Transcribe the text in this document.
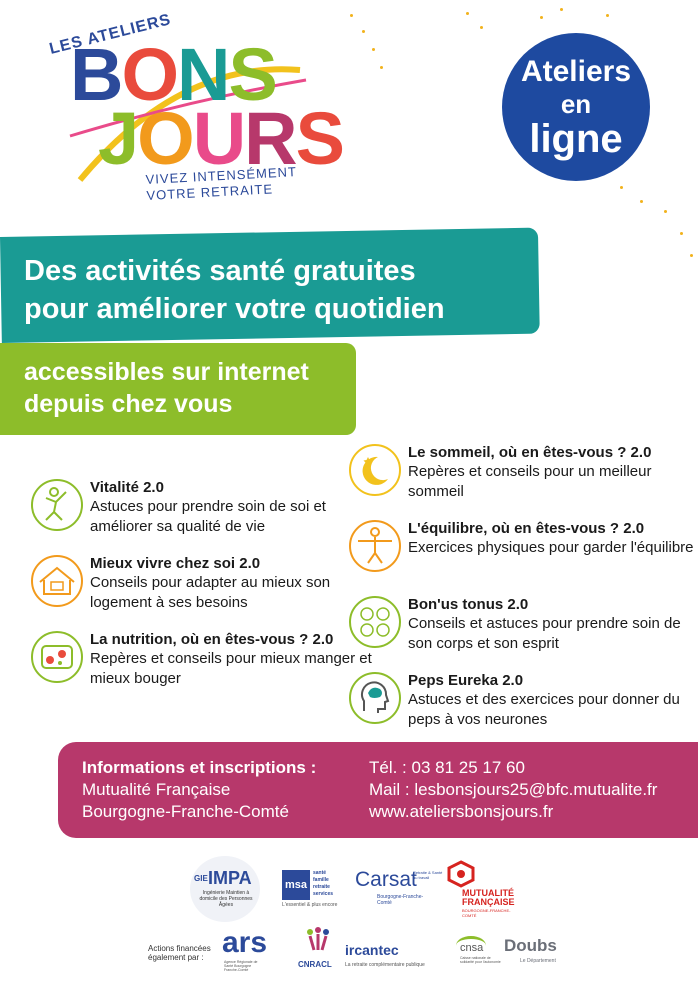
LES ATELIERS
BONS
JOURS
VIVEZ INTENSÉMENT
VOTRE RETRAITE
Ateliers
en
ligne
Des activités santé gratuites
pour améliorer votre quotidien
accessibles sur internet
depuis chez vous
Vitalité 2.0
Astuces pour prendre soin de soi et améliorer sa qualité de vie
Mieux vivre chez soi 2.0
Conseils pour adapter au mieux son logement à ses besoins
La nutrition, où en êtes-vous ? 2.0
Repères et conseils pour mieux manger et mieux bouger
Le sommeil, où en êtes-vous ? 2.0
Repères et conseils pour un meilleur sommeil
L'équilibre, où en êtes-vous ? 2.0
Exercices physiques pour garder l'équilibre
Bon'us tonus 2.0
Conseils et astuces pour prendre soin de son corps et son esprit
Peps Eureka 2.0
Astuces et des exercices pour donner du peps à vos neurones
Informations et inscriptions :
Mutualité Française
Bourgogne-Franche-Comté
Tél. : 03 81 25 17 60
Mail : lesbonsjours25@bfc.mutualite.fr
www.ateliersbonsjours.fr
GIE IMPA
Ingénierie Maintien à domicile des Personnes Âgées
msa
santé famille retraite services
L'essentiel & plus encore
Carsat
Retraite & Santé au travail
Bourgogne-Franche-Comté
MUTUALITÉ
FRANÇAISE
BOURGOGNE-FRANCHE-COMTÉ
Actions financées
également par : ars
Agence Régionale de Santé Bourgogne Franche-Comté
CNRACL
ircantec
La retraite complémentaire publique
cnsa
Caisse nationale de solidarité pour l'autonomie
Doubs
Le Département
